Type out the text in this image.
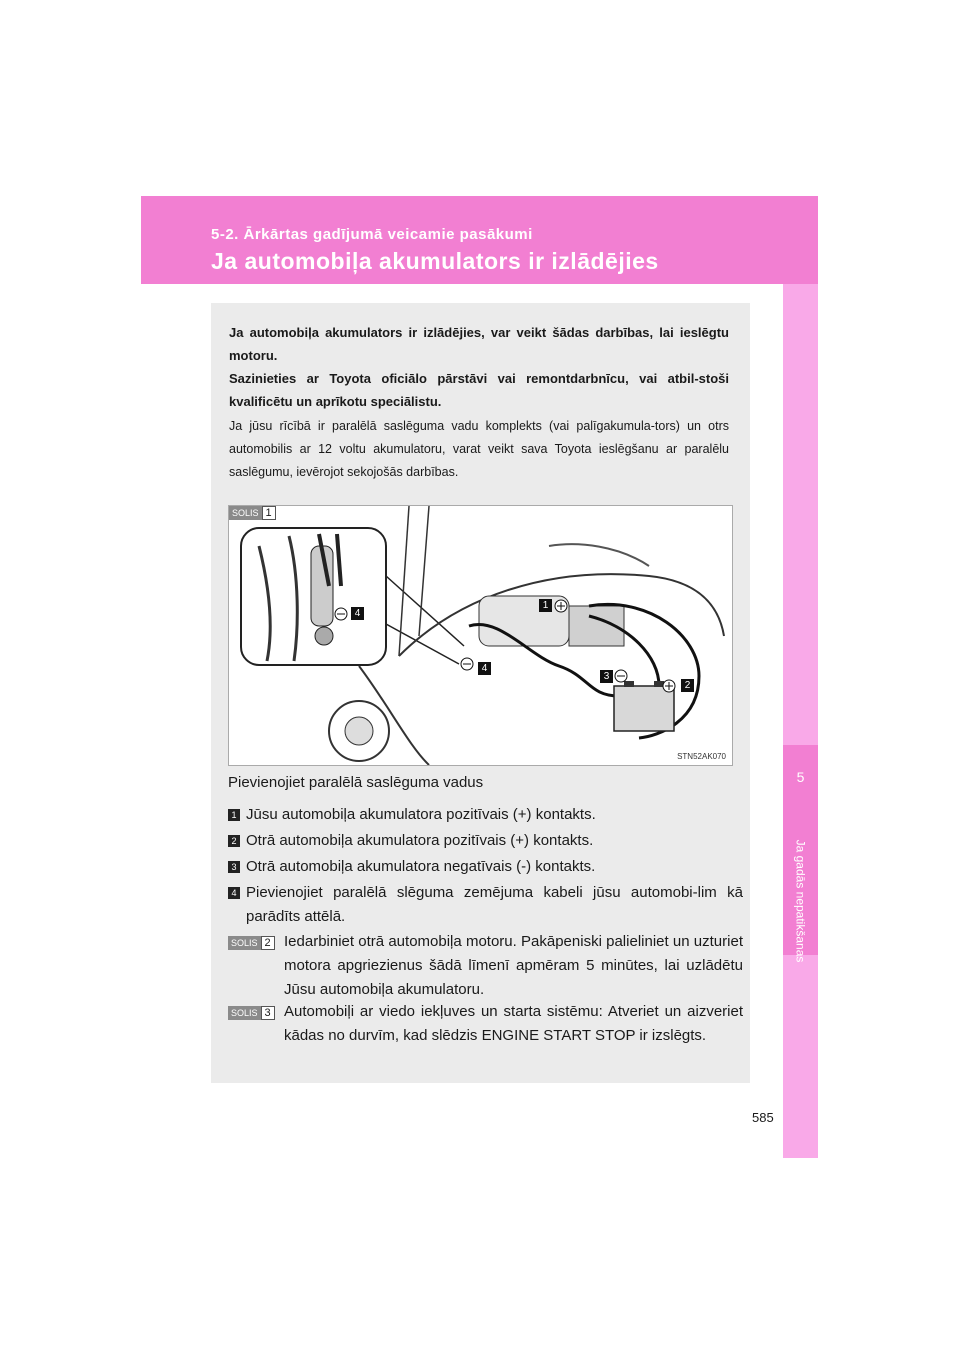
5-2. Ārkārtas gadījumā veicamie pasākumi
Ja automobiļa akumulators ir izlādējies
5
Ja gadās nepatikšanas
Ja automobiļa akumulators ir izlādējies, var veikt šādas darbības, lai ieslēgtu motoru.
Sazinieties ar Toyota oficiālo pārstāvi vai remontdarbnīcu, vai atbil-stoši kvalificētu un aprīkotu speciālistu.
Ja jūsu rīcībā ir paralēlā saslēguma vadu komplekts (vai palīgakumula-tors) un otrs automobilis ar 12 voltu akumulatoru, varat veikt sava Toyota ieslēgšanu ar paralēlu saslēgumu, ievērojot sekojošās darbības.
SOLIS 1
1
2
3
4
4
STN52AK070
Pievienojiet paralēlā saslēguma vadus
1 Jūsu automobiļa akumulatora pozitīvais (+) kontakts.
2 Otrā automobiļa akumulatora pozitīvais (+) kontakts.
3 Otrā automobiļa akumulatora negatīvais (-) kontakts.
4 Pievienojiet paralēlā slēguma zemējuma kabeli jūsu automobi-lim kā parādīts attēlā.
SOLIS 2 Iedarbiniet otrā automobiļa motoru. Pakāpeniski palieliniet un uzturiet motora apgriezienus šādā līmenī apmēram 5 minūtes, lai uzlādētu Jūsu automobiļa akumulatoru.
SOLIS 3 Automobiļi ar viedo iekļuves un starta sistēmu: Atveriet un aizveriet kādas no durvīm, kad slēdzis ENGINE START STOP ir izslēgts.
585
